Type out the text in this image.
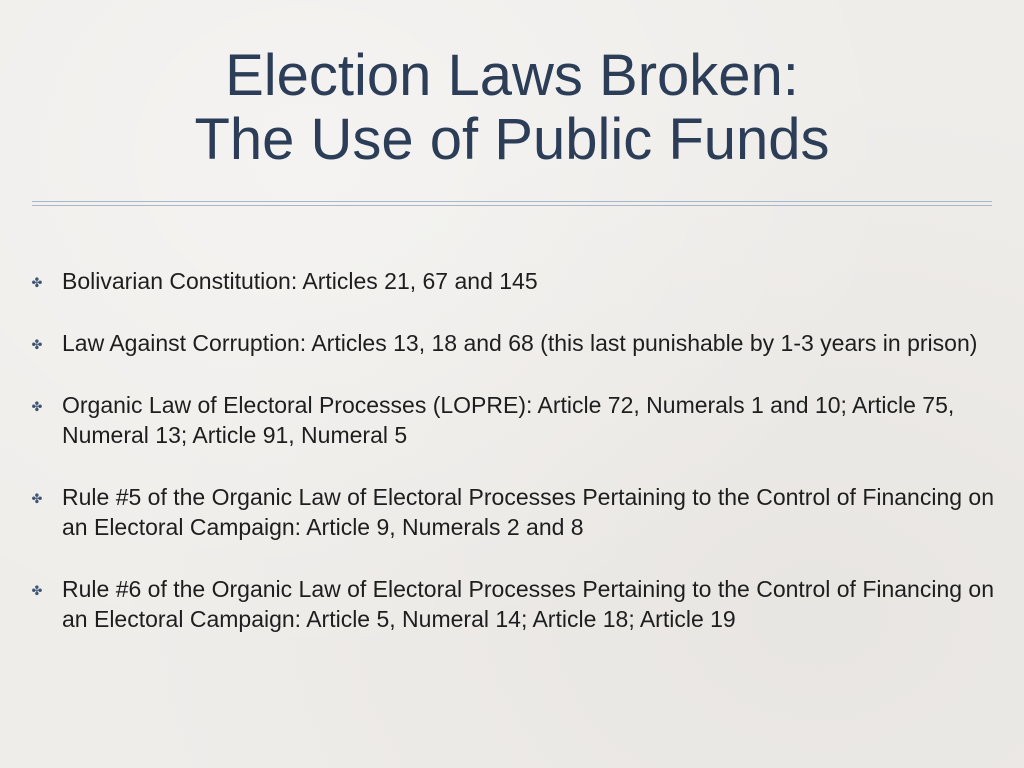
Election Laws Broken:
The Use of Public Funds
✤ Bolivarian Constitution: Articles 21, 67 and 145
✤ Law Against Corruption: Articles 13, 18 and 68 (this last punishable by 1-3 years in prison)
✤ Organic Law of Electoral Processes (LOPRE): Article 72, Numerals 1 and 10; Article 75, Numeral 13; Article 91, Numeral 5
✤ Rule #5 of the Organic Law of Electoral Processes Pertaining to the Control of Financing on an Electoral Campaign: Article 9, Numerals 2 and 8
✤ Rule #6 of the Organic Law of Electoral Processes Pertaining to the Control of Financing on an Electoral Campaign: Article 5, Numeral 14; Article 18; Article 19
